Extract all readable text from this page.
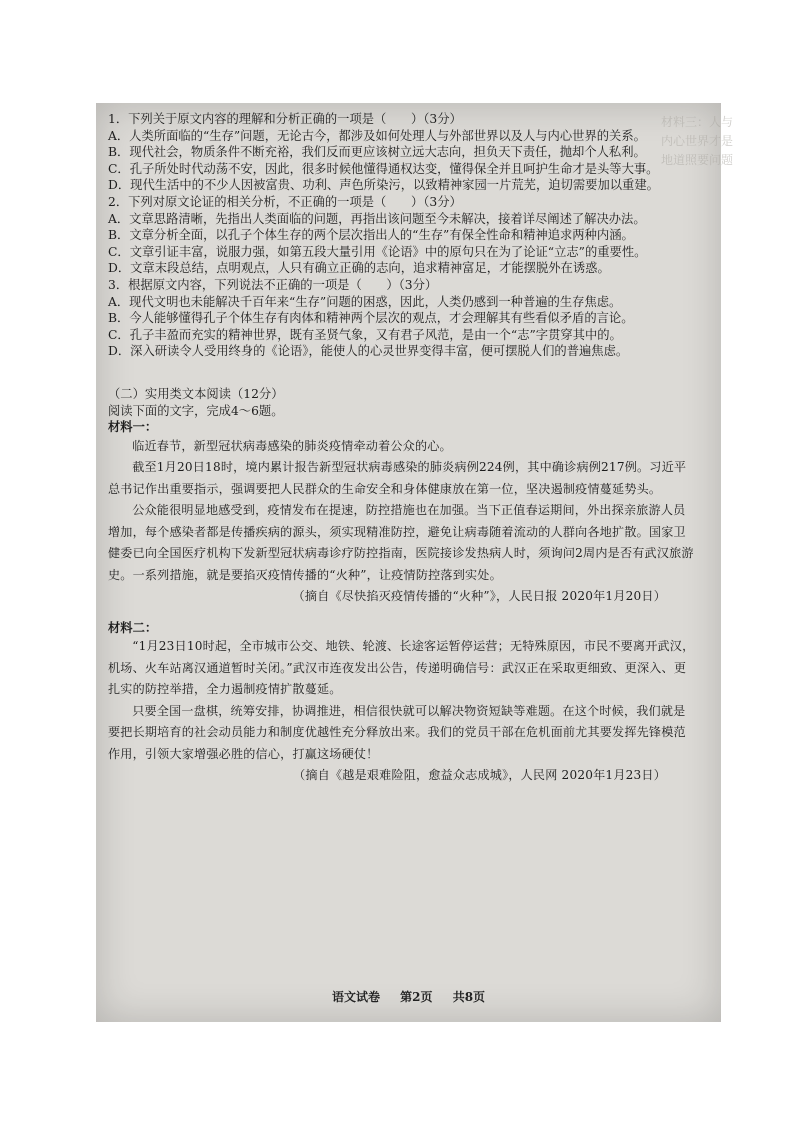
材料三：人与内心世界才是地道照要问题

1．下列关于原文内容的理解和分析正确的一项是（　　）（3分）

A．人类所面临的“生存”问题，无论古今，都涉及如何处理人与外部世界以及人与内心世界的关系。

B．现代社会，物质条件不断充裕，我们反而更应该树立远大志向，担负天下责任，抛却个人私利。

C．孔子所处时代动荡不安，因此，很多时候他懂得通权达变，懂得保全并且呵护生命才是头等大事。

D．现代生活中的不少人因被富贵、功利、声色所染污，以致精神家园一片荒芜，迫切需要加以重建。

2．下列对原文论证的相关分析，不正确的一项是（　　）（3分）

A．文章思路清晰，先指出人类面临的问题，再指出该问题至今未解决，接着详尽阐述了解决办法。

B．文章分析全面，以孔子个体生存的两个层次指出人的“生存”有保全性命和精神追求两种内涵。

C．文章引证丰富，说服力强，如第五段大量引用《论语》中的原句只在为了论证“立志”的重要性。

D．文章末段总结，点明观点，人只有确立正确的志向，追求精神富足，才能摆脱外在诱惑。

3．根据原文内容，下列说法不正确的一项是（　　）（3分）

A．现代文明也未能解决千百年来“生存”问题的困惑，因此，人类仍感到一种普遍的生存焦虑。

B．今人能够懂得孔子个体生存有肉体和精神两个层次的观点，才会理解其有些看似矛盾的言论。

C．孔子丰盈而充实的精神世界，既有圣贤气象，又有君子风范，是由一个“志”字贯穿其中的。

D．深入研读令人受用终身的《论语》，能使人的心灵世界变得丰富，便可摆脱人们的普遍焦虑。

（二）实用类文本阅读（12分）

阅读下面的文字，完成4～6题。

材料一：

临近春节，新型冠状病毒感染的肺炎疫情牵动着公众的心。

截至1月20日18时，境内累计报告新型冠状病毒感染的肺炎病例224例，其中确诊病例217例。习近平总书记作出重要指示，强调要把人民群众的生命安全和身体健康放在第一位，坚决遏制疫情蔓延势头。

公众能很明显地感受到，疫情发布在提速，防控措施也在加强。当下正值春运期间，外出探亲旅游人员增加，每个感染者都是传播疾病的源头，须实现精准防控，避免让病毒随着流动的人群向各地扩散。国家卫健委已向全国医疗机构下发新型冠状病毒诊疗防控指南，医院接诊发热病人时，须询问2周内是否有武汉旅游史。一系列措施，就是要掐灭疫情传播的“火种”，让疫情防控落到实处。

（摘自《尽快掐灭疫情传播的“火种”》，人民日报 2020年1月20日）

材料二：

“1月23日10时起，全市城市公交、地铁、轮渡、长途客运暂停运营；无特殊原因，市民不要离开武汉，机场、火车站离汉通道暂时关闭。”武汉市连夜发出公告，传递明确信号：武汉正在采取更细致、更深入、更扎实的防控举措，全力遏制疫情扩散蔓延。

只要全国一盘棋，统筹安排，协调推进，相信很快就可以解决物资短缺等难题。在这个时候，我们就是要把长期培育的社会动员能力和制度优越性充分释放出来。我们的党员干部在危机面前尤其要发挥先锋模范作用，引领大家增强必胜的信心，打赢这场硬仗！

（摘自《越是艰难险阻，愈益众志成城》，人民网 2020年1月23日）

语文试卷 第2页 共8页
